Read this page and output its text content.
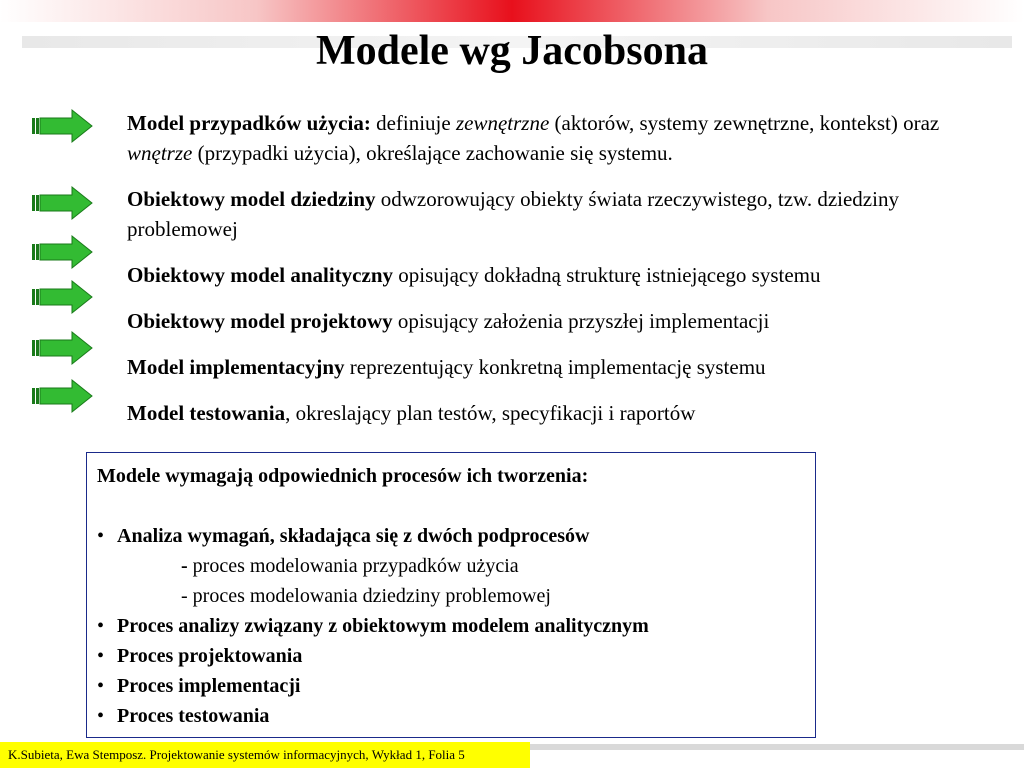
Modele wg Jacobsona

Model przypadków użycia: definiuje zewnętrzne (aktorów, systemy zewnętrzne, kontekst) oraz wnętrze (przypadki użycia), określające zachowanie się systemu.

Obiektowy model dziedziny odwzorowujący obiekty świata rzeczywistego, tzw. dziedziny problemowej

Obiektowy model analityczny opisujący dokładną strukturę istniejącego systemu

Obiektowy model projektowy opisujący założenia przyszłej implementacji

Model implementacyjny reprezentujący konkretną implementację systemu

Model testowania, okreslający plan testów, specyfikacji i raportów

Modele wymagają odpowiednich procesów ich tworzenia:
• Analiza wymagań, składająca się z dwóch podprocesów
- proces modelowania przypadków użycia
- proces modelowania dziedziny problemowej
• Proces analizy związany z obiektowym modelem analitycznym
• Proces projektowania
• Proces implementacji
• Proces testowania
K.Subieta, Ewa Stemposz. Projektowanie systemów informacyjnych, Wykład 1, Folia 5
